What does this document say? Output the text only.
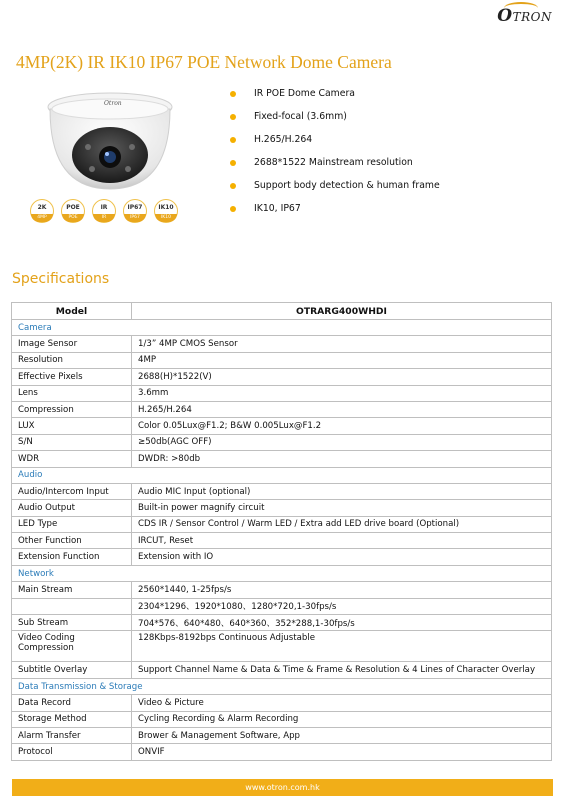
OTRON
4MP(2K) IR IK10 IP67 POE Network Dome Camera
Otron
2K
4MP
POE
POE
IR
IR
IP67
IP67
IK10
IK10
IR POE Dome Camera
Fixed-focal (3.6mm)
H.265/H.264
2688*1522 Mainstream resolution
Support body detection & human frame
IK10, IP67
Specifications
Model	OTRARG400WHDI
Camera	
Image Sensor	1/3” 4MP CMOS Sensor
Resolution	4MP
Effective Pixels	2688(H)*1522(V)
Lens	3.6mm
Compression	H.265/H.264
LUX	Color 0.05Lux@F1.2; B&W 0.005Lux@F1.2
S/N	≥50db(AGC OFF)
WDR	DWDR: >80db
Audio	
Audio/Intercom Input	Audio MIC Input (optional)
Audio Output	Built-in power magnify circuit
LED Type	CDS IR / Sensor Control / Warm LED / Extra add LED drive board (Optional)
Other Function	IRCUT, Reset
Extension Function	Extension with IO
Network	
Main Stream	2560*1440, 1-25fps/s
	2304*1296、1920*1080、1280*720,1-30fps/s
Sub Stream	704*576、640*480、640*360、352*288,1-30fps/s
Video Coding Compression	128Kbps-8192bps Continuous Adjustable
Subtitle Overlay	Support Channel Name & Data & Time & Frame & Resolution & 4 Lines of Character Overlay
Data Transmission & Storage	
Data Record	Video & Picture
Storage Method	Cycling Recording & Alarm Recording
Alarm Transfer	Brower & Management Software, App
Protocol	ONVIF
www.otron.com.hk
